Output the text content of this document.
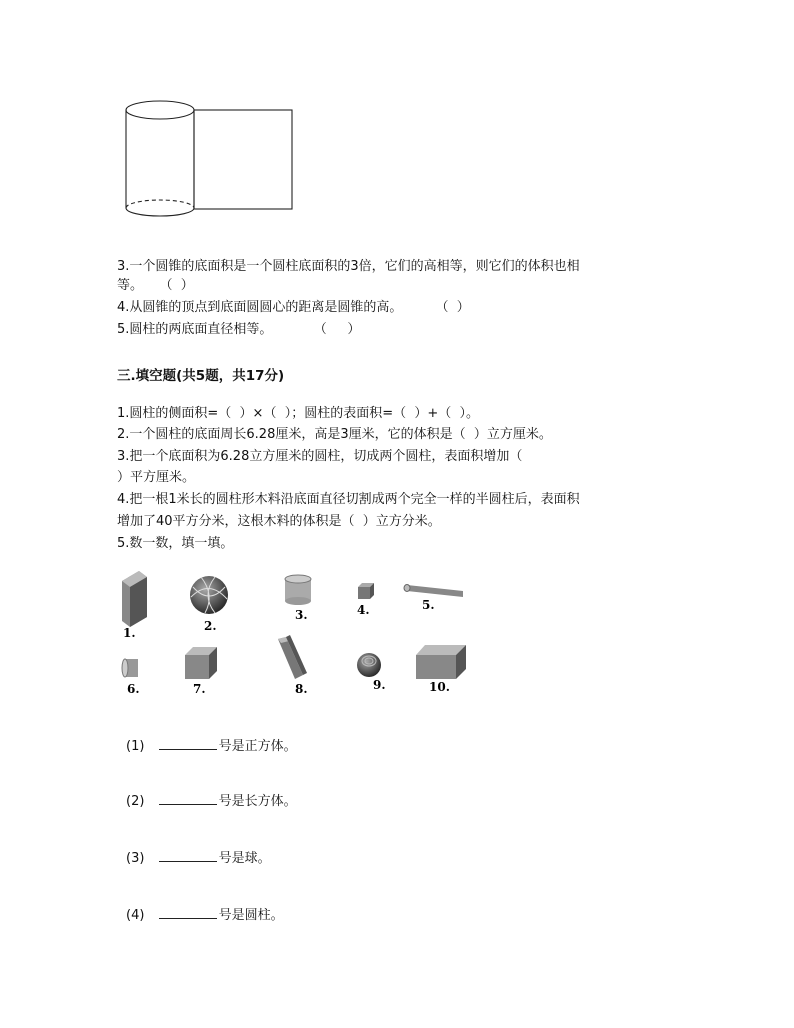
3.一个圆锥的底面积是一个圆柱底面积的3倍，它们的高相等，则它们的体积也相
等。    （  ）
4.从圆锥的顶点到底面圆圆心的距离是圆锥的高。        （  ）
5.圆柱的两底面直径相等。          （     ）
三.填空题(共5题，共17分)
1.圆柱的侧面积=（  ）×（  ）；圆柱的表面积=（  ）+（  ）。
2.一个圆柱的底面周长6.28厘米，高是3厘米，它的体积是（  ）立方厘米。
3.把一个底面积为6.28立方厘米的圆柱，切成两个圆柱，表面积增加（
）平方厘米。
4.把一根1米长的圆柱形木料沿底面直径切割成两个完全一样的半圆柱后，表面积
增加了40平方分米，这根木料的体积是（  ）立方分米。
5.数一数，填一填。
1.	2.
3.	4.	5.
6.	7.	8.	9.	10.
(1)	号是正方体。
(2)	号是长方体。
(3)	号是球。
(4)	号是圆柱。
